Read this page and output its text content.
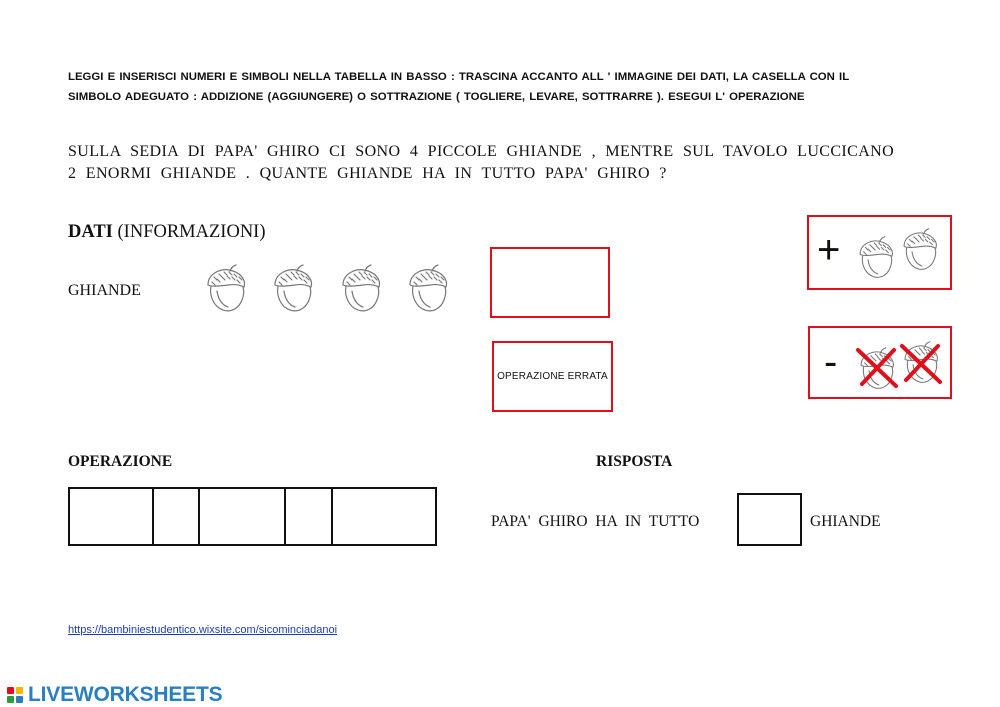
LEGGI E INSERISCI NUMERI E SIMBOLI NELLA TABELLA IN BASSO : TRASCINA ACCANTO ALL ' IMMAGINE DEI DATI, LA CASELLA CON IL
SIMBOLO ADEGUATO : ADDIZIONE (AGGIUNGERE) O SOTTRAZIONE ( TOGLIERE, LEVARE, SOTTRARRE ). ESEGUI L' OPERAZIONE
SULLA SEDIA DI PAPA' GHIRO CI SONO 4 PICCOLE GHIANDE , MENTRE SUL TAVOLO LUCCICANO
2 ENORMI GHIANDE . QUANTE GHIANDE HA IN TUTTO PAPA' GHIRO ?
DATI (INFORMAZIONI)
GHIANDE

OPERAZIONE ERRATA
+
-
OPERAZIONE	RISPOSTA
PAPA' GHIRO HA IN TUTTO	GHIANDE
https://bambiniestudentico.wixsite.com/sicominciadanoi
LIVEWORKSHEETS
